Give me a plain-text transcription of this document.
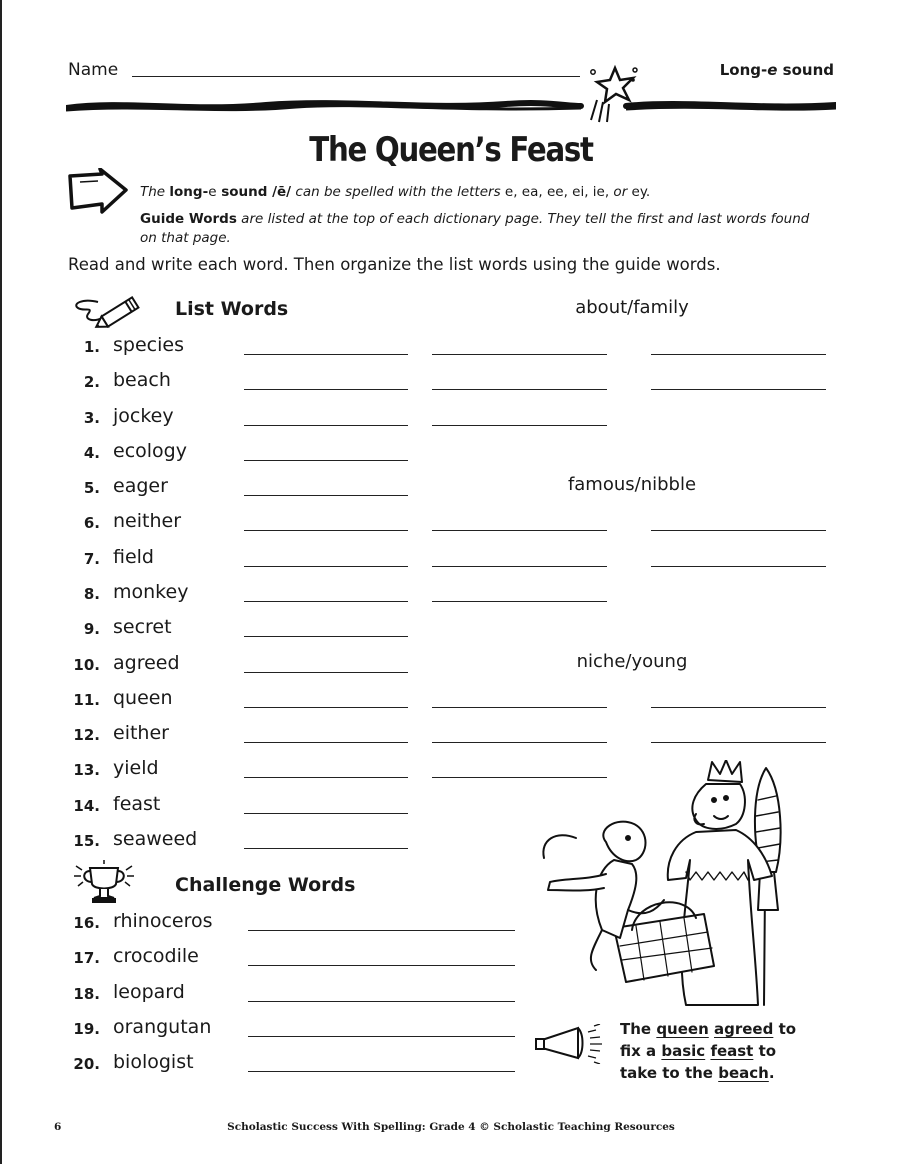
Name	Long-e sound
The Queen’s Feast
The long-e sound /ē/ can be spelled with the letters e, ea, ee, ei, ie, or ey.
Guide Words are listed at the top of each dictionary page. They tell the first and last words found on that page.
Read and write each word. Then organize the list words using the guide words.
List Words	about/family
famous/nibble
niche/young
1. species
2. beach
3. jockey
4. ecology
5. eager
6. neither
7. field
8. monkey
9. secret
10. agreed
11. queen
12. either
13. yield
14. feast
15. seaweed
Challenge Words
16. rhinoceros
17. crocodile
18. leopard
19. orangutan
20. biologist
The queen agreed to fix a basic feast to take to the beach.
6	Scholastic Success With Spelling: Grade 4 © Scholastic Teaching Resources
